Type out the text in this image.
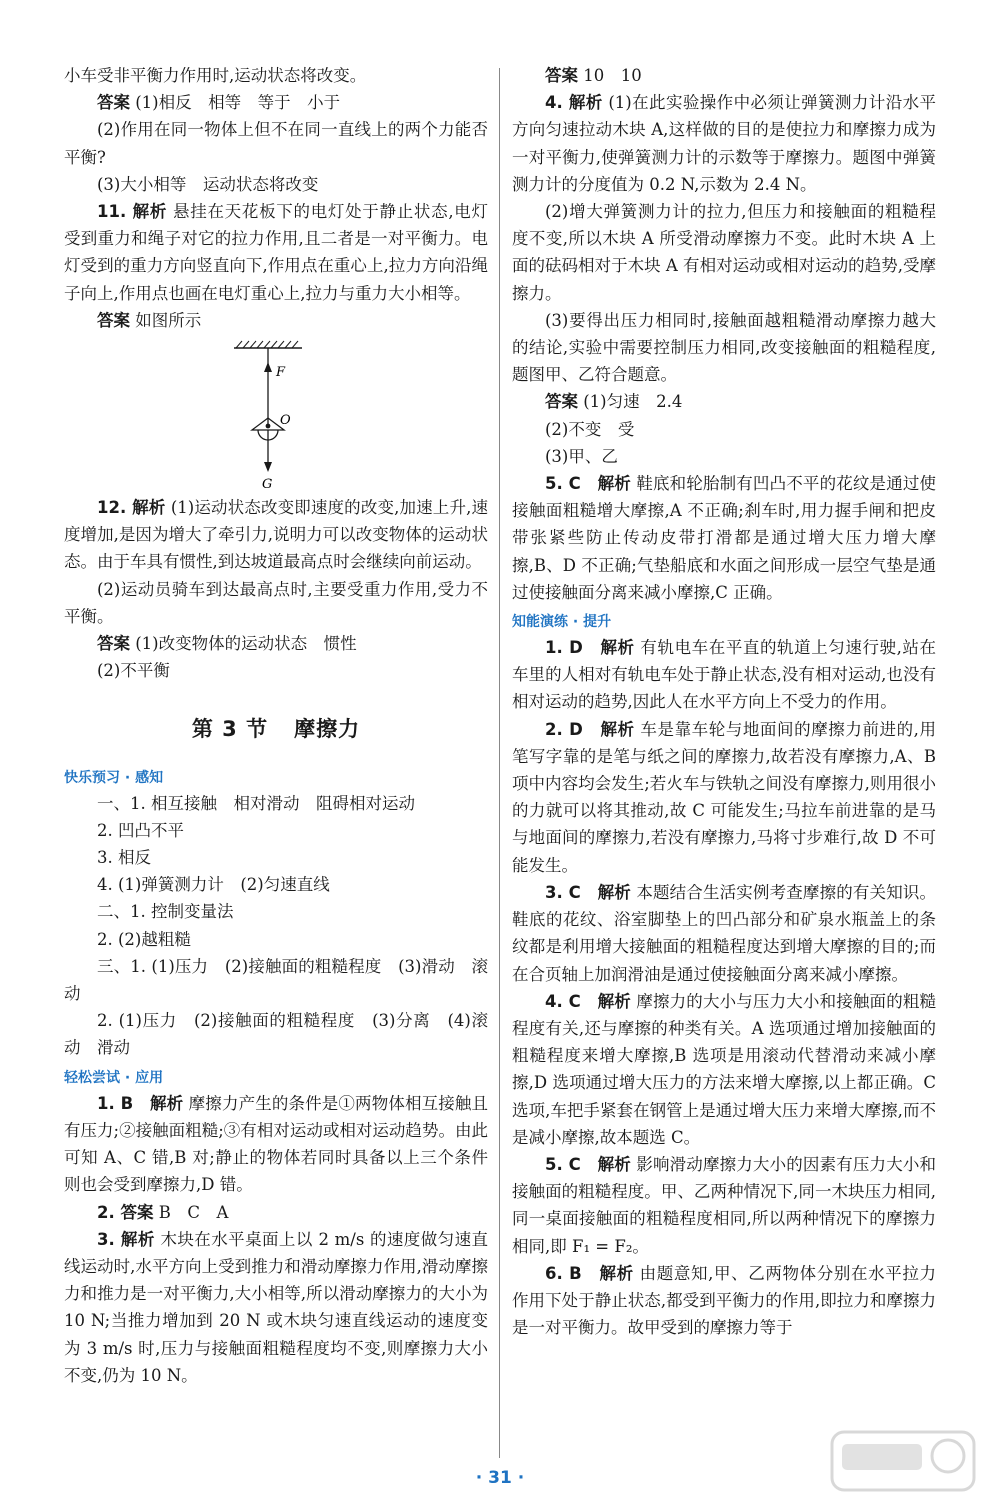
小车受非平衡力作用时,运动状态将改变。

答案 (1)相反　相等　等于　小于

(2)作用在同一物体上但不在同一直线上的两个力能否平衡?

(3)大小相等　运动状态将改变

11. 解析 悬挂在天花板下的电灯处于静止状态,电灯受到重力和绳子对它的拉力作用,且二者是一对平衡力。电灯受到的重力方向竖直向下,作用点在重心上,拉力方向沿绳子向上,作用点也画在电灯重心上,拉力与重力大小相等。

答案 如图所示

F
O
G

12. 解析 (1)运动状态改变即速度的改变,加速上升,速度增加,是因为增大了牵引力,说明力可以改变物体的运动状态。由于车具有惯性,到达坡道最高点时会继续向前运动。

(2)运动员骑车到达最高点时,主要受重力作用,受力不平衡。

答案 (1)改变物体的运动状态　惯性

(2)不平衡

第 3 节 摩擦力

快乐预习 · 感知

一、1. 相互接触　相对滑动　阻碍相对运动

2. 凹凸不平

3. 相反

4. (1)弹簧测力计　(2)匀速直线

二、1. 控制变量法

2. (2)越粗糙

三、1. (1)压力　(2)接触面的粗糙程度　(3)滑动　滚动

2. (1)压力　(2)接触面的粗糙程度　(3)分离　(4)滚动　滑动

轻松尝试 · 应用

1. B　 解析 摩擦力产生的条件是①两物体相互接触且有压力;②接触面粗糙;③有相对运动或相对运动趋势。由此可知 A、C 错,B 对;静止的物体若同时具备以上三个条件则也会受到摩擦力,D 错。

2. 答案 B　C　A

3. 解析 木块在水平桌面上以 2 m/s 的速度做匀速直线运动时,水平方向上受到推力和滑动摩擦力作用,滑动摩擦力和推力是一对平衡力,大小相等,所以滑动摩擦力的大小为 10 N;当推力增加到 20 N 或木块匀速直线运动的速度变为 3 m/s 时,压力与接触面粗糙程度均不变,则摩擦力大小不变,仍为 10 N。

答案 10　10

4. 解析 (1)在此实验操作中必须让弹簧测力计沿水平方向匀速拉动木块 A,这样做的目的是使拉力和摩擦力成为一对平衡力,使弹簧测力计的示数等于摩擦力。题图中弹簧测力计的分度值为 0.2 N,示数为 2.4 N。

(2)增大弹簧测力计的拉力,但压力和接触面的粗糙程度不变,所以木块 A 所受滑动摩擦力不变。此时木块 A 上面的砝码相对于木块 A 有相对运动或相对运动的趋势,受摩擦力。

(3)要得出压力相同时,接触面越粗糙滑动摩擦力越大的结论,实验中需要控制压力相同,改变接触面的粗糙程度,题图甲、乙符合题意。

答案 (1)匀速　2.4

(2)不变　受

(3)甲、乙

5. C　 解析 鞋底和轮胎制有凹凸不平的花纹是通过使接触面粗糙增大摩擦,A 不正确;刹车时,用力握手闸和把皮带张紧些防止传动皮带打滑都是通过增大压力增大摩擦,B、D 不正确;气垫船底和水面之间形成一层空气垫是通过使接触面分离来减小摩擦,C 正确。

知能演练 · 提升

1. D　 解析 有轨电车在平直的轨道上匀速行驶,站在车里的人相对有轨电车处于静止状态,没有相对运动,也没有相对运动的趋势,因此人在水平方向上不受力的作用。

2. D　 解析 车是靠车轮与地面间的摩擦力前进的,用笔写字靠的是笔与纸之间的摩擦力,故若没有摩擦力,A、B 项中内容均会发生;若火车与铁轨之间没有摩擦力,则用很小的力就可以将其推动,故 C 可能发生;马拉车前进靠的是马与地面间的摩擦力,若没有摩擦力,马将寸步难行,故 D 不可能发生。

3. C　 解析 本题结合生活实例考查摩擦的有关知识。鞋底的花纹、浴室脚垫上的凹凸部分和矿泉水瓶盖上的条纹都是利用增大接触面的粗糙程度达到增大摩擦的目的;而在合页轴上加润滑油是通过使接触面分离来减小摩擦。

4. C　 解析 摩擦力的大小与压力大小和接触面的粗糙程度有关,还与摩擦的种类有关。A 选项通过增加接触面的粗糙程度来增大摩擦,B 选项是用滚动代替滑动来减小摩擦,D 选项通过增大压力的方法来增大摩擦,以上都正确。C 选项,车把手紧套在钢管上是通过增大压力来增大摩擦,而不是减小摩擦,故本题选 C。

5. C　 解析 影响滑动摩擦力大小的因素有压力大小和接触面的粗糙程度。甲、乙两种情况下,同一木块压力相同,同一桌面接触面的粗糙程度相同,所以两种情况下的摩擦力相同,即 F₁ = F₂。

6. B　 解析 由题意知,甲、乙两物体分别在水平拉力作用下处于静止状态,都受到平衡力的作用,即拉力和摩擦力是一对平衡力。故甲受到的摩擦力等于

· 31 ·
